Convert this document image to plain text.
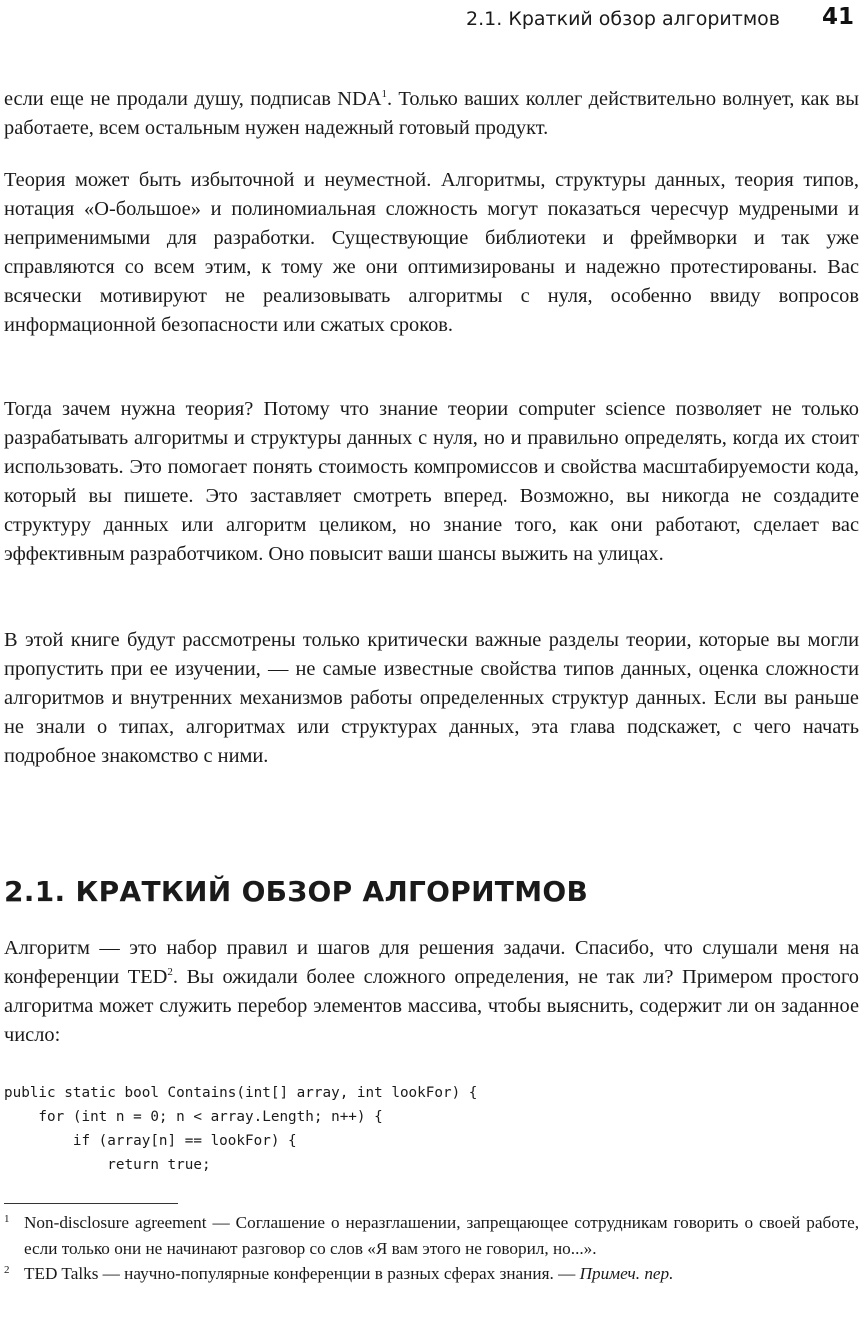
2.1. Краткий обзор алгоритмов 41

если еще не продали душу, подписав NDA$^1$. Только ваших коллег действительно волнует, как вы работаете, всем остальным нужен надежный готовый продукт.

Теория может быть избыточной и неуместной. Алгоритмы, структуры данных, теория типов, нотация «О-большое» и полиномиальная сложность могут показаться чересчур мудреными и неприменимыми для разработки. Существующие библиотеки и фреймворки и так уже справляются со всем этим, к тому же они оптимизированы и надежно протестированы. Вас всячески мотивируют не реализовывать алгоритмы с нуля, особенно ввиду вопросов информационной безопасности или сжатых сроков.

Тогда зачем нужна теория? Потому что знание теории computer science позволяет не только разрабатывать алгоритмы и структуры данных с нуля, но и правильно определять, когда их стоит использовать. Это помогает понять стоимость компромиссов и свойства масштабируемости кода, который вы пишете. Это заставляет смотреть вперед. Возможно, вы никогда не создадите структуру данных или алгоритм целиком, но знание того, как они работают, сделает вас эффективным разработчиком. Оно повысит ваши шансы выжить на улицах.

В этой книге будут рассмотрены только критически важные разделы теории, которые вы могли пропустить при ее изучении, — не самые известные свойства типов данных, оценка сложности алгоритмов и внутренних механизмов работы определенных структур данных. Если вы раньше не знали о типах, алгоритмах или структурах данных, эта глава подскажет, с чего начать подробное знакомство с ними.

2.1. КРАТКИЙ ОБЗОР АЛГОРИТМОВ

Алгоритм — это набор правил и шагов для решения задачи. Спасибо, что слушали меня на конференции TED$^2$. Вы ожидали более сложного определения, не так ли? Примером простого алгоритма может служить перебор элементов массива, чтобы выяснить, содержит ли он заданное число:

public static bool Contains(int[] array, int lookFor) {
for (int n = 0; n < array.Length; n++) {
if (array[n] == lookFor) {
return true;
1 Non-disclosure agreement — Соглашение о неразглашении, запрещающее сотрудникам говорить о своей работе, если только они не начинают разговор со слов «Я вам этого не говорил, но...».
2 TED Talks — научно-популярные конференции в разных сферах знания. — Примеч. пер.
